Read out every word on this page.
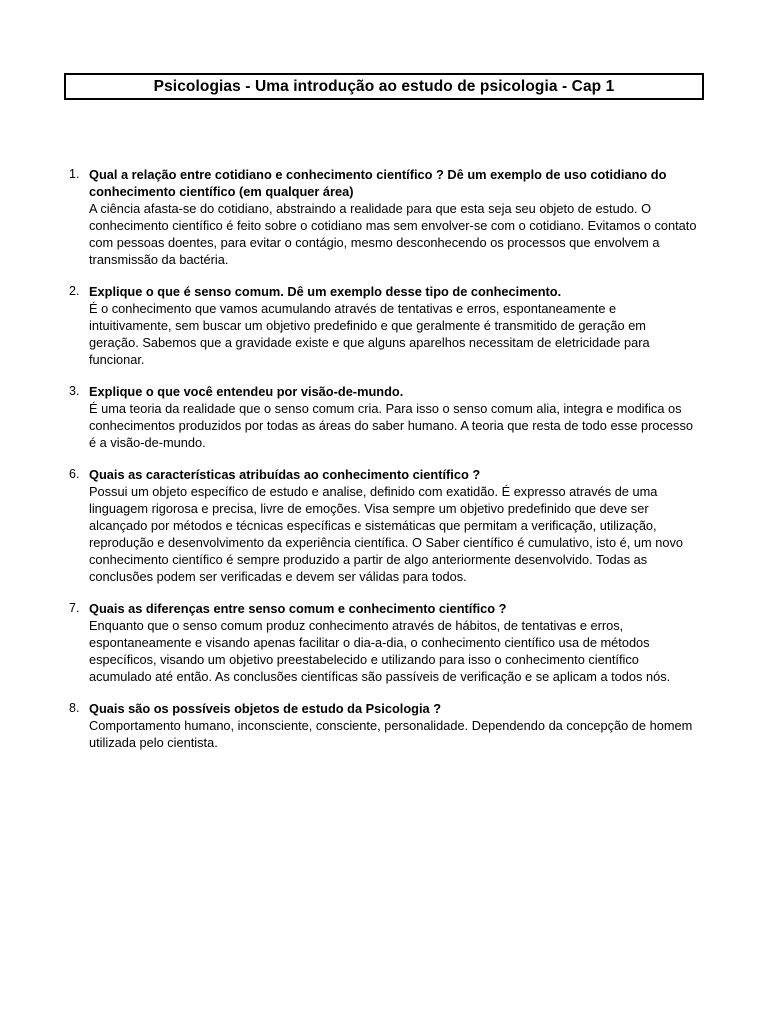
Psicologias - Uma introdução ao estudo de psicologia - Cap 1
1. Qual a relação entre cotidiano e conhecimento científico ? Dê um exemplo de uso cotidiano do conhecimento científico (em qualquer área)

A ciência afasta-se do cotidiano, abstraindo a realidade para que esta seja seu objeto de estudo. O conhecimento científico é feito sobre o cotidiano mas sem envolver-se com o cotidiano. Evitamos o contato com pessoas doentes, para evitar o contágio, mesmo desconhecendo os processos que envolvem a transmissão da bactéria.

2. Explique o que é senso comum. Dê um exemplo desse tipo de conhecimento.

É o conhecimento que vamos acumulando através de tentativas e erros, espontaneamente e intuitivamente, sem buscar um objetivo predefinido e que geralmente é transmitido de geração em geração. Sabemos que a gravidade existe e que alguns aparelhos necessitam de eletricidade para funcionar.

3. Explique o que você entendeu por visão-de-mundo.

É uma teoria da realidade que o senso comum cria. Para isso o senso comum alia, integra e modifica os conhecimentos produzidos por todas as áreas do saber humano. A teoria que resta de todo esse processo é a visão-de-mundo.

6. Quais as características atribuídas ao conhecimento científico ?

Possui um objeto específico de estudo e analise, definido com exatidão. É expresso através de uma linguagem rigorosa e precisa, livre de emoções. Visa sempre um objetivo predefinido que deve ser alcançado por métodos e técnicas específicas e sistemáticas que permitam a verificação, utilização, reprodução e desenvolvimento da experiência científica. O Saber científico é cumulativo, isto é, um novo conhecimento científico é sempre produzido a partir de algo anteriormente desenvolvido. Todas as conclusões podem ser verificadas e devem ser válidas para todos.

7. Quais as diferenças entre senso comum e conhecimento científico ?

Enquanto que o senso comum produz conhecimento através de hábitos, de tentativas e erros, espontaneamente e visando apenas facilitar o dia-a-dia, o conhecimento científico usa de métodos específicos, visando um objetivo preestabelecido e utilizando para isso o conhecimento científico acumulado até então. As conclusões científicas são passíveis de verificação e se aplicam a todos nós.

8. Quais são os possíveis objetos de estudo da Psicologia ?

Comportamento humano, inconsciente, consciente, personalidade. Dependendo da concepção de homem utilizada pelo cientista.
